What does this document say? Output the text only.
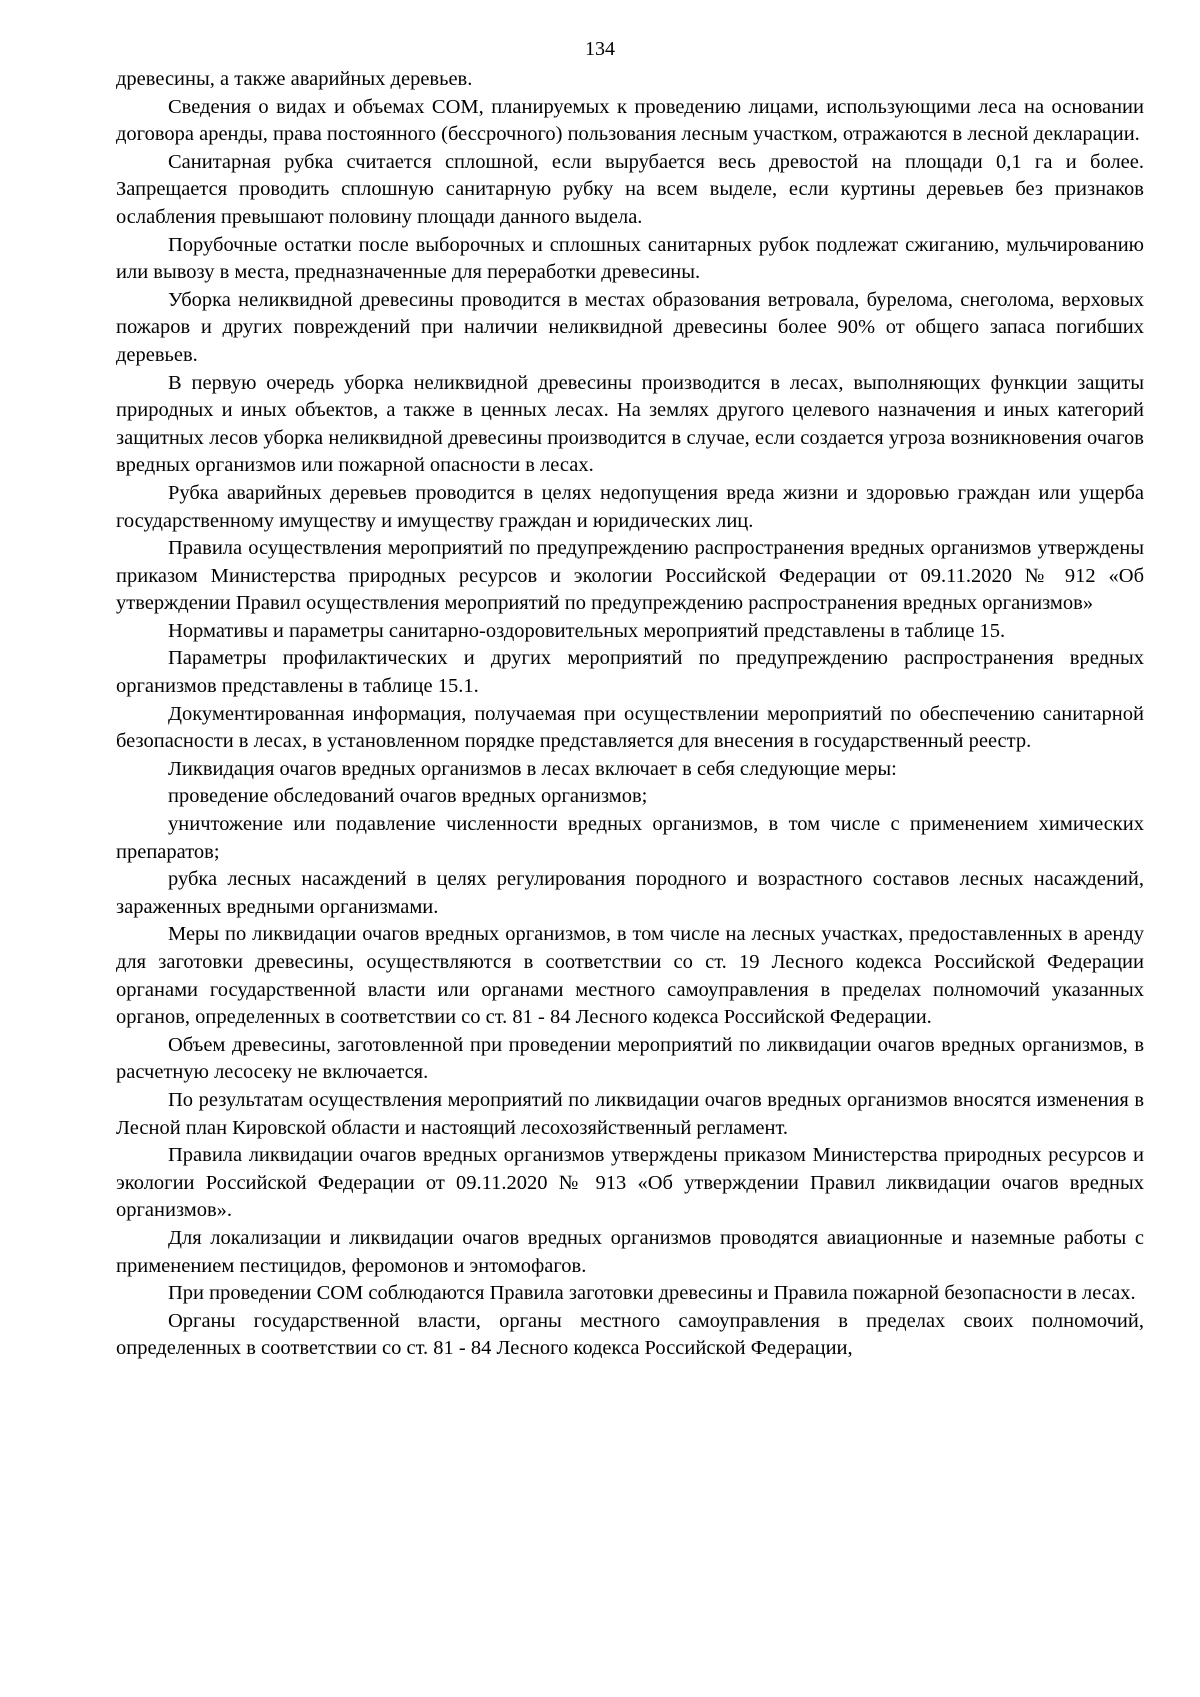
134

древесины, а также аварийных деревьев.

Сведения о видах и объемах СОМ, планируемых к проведению лицами, использующими леса на основании договора аренды, права постоянного (бессрочного) пользования лесным участком, отражаются в лесной декларации.

Санитарная рубка считается сплошной, если вырубается весь древостой на площади 0,1 га и более. Запрещается проводить сплошную санитарную рубку на всем выделе, если куртины деревьев без признаков ослабления превышают половину площади данного выдела.

Порубочные остатки после выборочных и сплошных санитарных рубок подлежат сжиганию, мульчированию или вывозу в места, предназначенные для переработки древесины.

Уборка неликвидной древесины проводится в местах образования ветровала, бурелома, снеголома, верховых пожаров и других повреждений при наличии неликвидной древесины более 90% от общего запаса погибших деревьев.

В первую очередь уборка неликвидной древесины производится в лесах, выполняющих функции защиты природных и иных объектов, а также в ценных лесах. На землях другого целевого назначения и иных категорий защитных лесов уборка неликвидной древесины производится в случае, если создается угроза возникновения очагов вредных организмов или пожарной опасности в лесах.

Рубка аварийных деревьев проводится в целях недопущения вреда жизни и здоровью граждан или ущерба государственному имуществу и имуществу граждан и юридических лиц.

Правила осуществления мероприятий по предупреждению распространения вредных организмов утверждены приказом Министерства природных ресурсов и экологии Российской Федерации от 09.11.2020 № 912 «Об утверждении Правил осуществления мероприятий по предупреждению распространения вредных организмов»

Нормативы и параметры санитарно-оздоровительных мероприятий представлены в таблице 15.

Параметры профилактических и других мероприятий по предупреждению распространения вредных организмов представлены в таблице 15.1.

Документированная информация, получаемая при осуществлении мероприятий по обеспечению санитарной безопасности в лесах, в установленном порядке представляется для внесения в государственный реестр.

Ликвидация очагов вредных организмов в лесах включает в себя следующие меры:

проведение обследований очагов вредных организмов;

уничтожение или подавление численности вредных организмов, в том числе с применением химических препаратов;

рубка лесных насаждений в целях регулирования породного и возрастного составов лесных насаждений, зараженных вредными организмами.

Меры по ликвидации очагов вредных организмов, в том числе на лесных участках, предоставленных в аренду для заготовки древесины, осуществляются в соответствии со ст. 19 Лесного кодекса Российской Федерации органами государственной власти или органами местного самоуправления в пределах полномочий указанных органов, определенных в соответствии со ст. 81 - 84 Лесного кодекса Российской Федерации.

Объем древесины, заготовленной при проведении мероприятий по ликвидации очагов вредных организмов, в расчетную лесосеку не включается.

По результатам осуществления мероприятий по ликвидации очагов вредных организмов вносятся изменения в Лесной план Кировской области и настоящий лесохозяйственный регламент.

Правила ликвидации очагов вредных организмов утверждены приказом Министерства природных ресурсов и экологии Российской Федерации от 09.11.2020 № 913 «Об утверждении Правил ликвидации очагов вредных организмов».

Для локализации и ликвидации очагов вредных организмов проводятся авиационные и наземные работы с применением пестицидов, феромонов и энтомофагов.

При проведении СОМ соблюдаются Правила заготовки древесины и Правила пожарной безопасности в лесах.

Органы государственной власти, органы местного самоуправления в пределах своих полномочий, определенных в соответствии со ст. 81 - 84 Лесного кодекса Российской Федерации,
